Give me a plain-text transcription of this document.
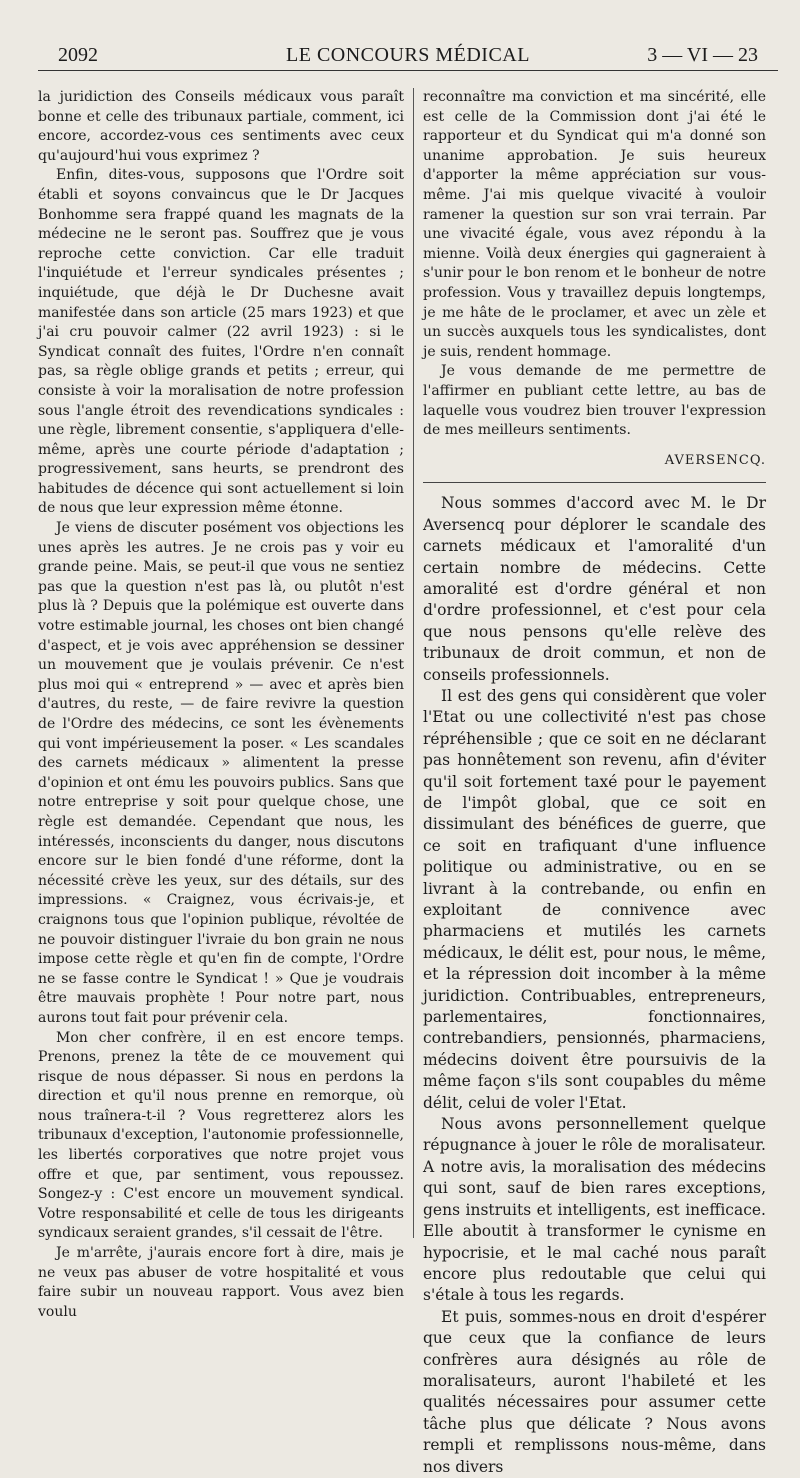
2092	LE CONCOURS MÉDICAL	3 — VI — 23

la juridiction des Conseils médicaux vous paraît bonne et celle des tribunaux partiale, comment, ici encore, accordez-vous ces sentiments avec ceux qu'aujourd'hui vous exprimez ?

Enfin, dites-vous, supposons que l'Ordre soit établi et soyons convaincus que le Dr Jacques Bonhomme sera frappé quand les magnats de la médecine ne le seront pas. Souffrez que je vous reproche cette conviction. Car elle traduit l'inquiétude et l'erreur syndicales présentes ; inquiétude, que déjà le Dr Duchesne avait manifestée dans son article (25 mars 1923) et que j'ai cru pouvoir calmer (22 avril 1923) : si le Syndicat connaît des fuites, l'Ordre n'en connaît pas, sa règle oblige grands et petits ; erreur, qui consiste à voir la moralisation de notre profession sous l'angle étroit des revendications syndicales : une règle, librement consentie, s'appliquera d'elle-même, après une courte période d'adaptation ; progressivement, sans heurts, se prendront des habitudes de décence qui sont actuellement si loin de nous que leur expression même étonne.

Je viens de discuter posément vos objections les unes après les autres. Je ne crois pas y voir eu grande peine. Mais, se peut-il que vous ne sentiez pas que la question n'est pas là, ou plutôt n'est plus là ? Depuis que la polémique est ouverte dans votre estimable journal, les choses ont bien changé d'aspect, et je vois avec appréhension se dessiner un mouvement que je voulais prévenir. Ce n'est plus moi qui « entreprend » — avec et après bien d'autres, du reste, — de faire revivre la question de l'Ordre des médecins, ce sont les évènements qui vont impérieusement la poser. « Les scandales des carnets médicaux » alimentent la presse d'opinion et ont ému les pouvoirs publics. Sans que notre entreprise y soit pour quelque chose, une règle est demandée. Cependant que nous, les intéressés, inconscients du danger, nous discutons encore sur le bien fondé d'une réforme, dont la nécessité crève les yeux, sur des détails, sur des impressions. « Craignez, vous écrivais-je, et craignons tous que l'opinion publique, révoltée de ne pouvoir distinguer l'ivraie du bon grain ne nous impose cette règle et qu'en fin de compte, l'Ordre ne se fasse contre le Syndicat ! » Que je voudrais être mauvais prophète ! Pour notre part, nous aurons tout fait pour prévenir cela.

Mon cher confrère, il en est encore temps. Prenons, prenez la tête de ce mouvement qui risque de nous dépasser. Si nous en perdons la direction et qu'il nous prenne en remorque, où nous traînera-t-il ? Vous regretterez alors les tribunaux d'exception, l'autonomie professionnelle, les libertés corporatives que notre projet vous offre et que, par sentiment, vous repoussez. Songez-y : C'est encore un mouvement syndical. Votre responsabilité et celle de tous les dirigeants syndicaux seraient grandes, s'il cessait de l'être.

Je m'arrête, j'aurais encore fort à dire, mais je ne veux pas abuser de votre hospitalité et vous faire subir un nouveau rapport. Vous avez bien voulu

reconnaître ma conviction et ma sincérité, elle est celle de la Commission dont j'ai été le rapporteur et du Syndicat qui m'a donné son unanime approbation. Je suis heureux d'apporter la même appréciation sur vous-même. J'ai mis quelque vivacité à vouloir ramener la question sur son vrai terrain. Par une vivacité égale, vous avez répondu à la mienne. Voilà deux énergies qui gagneraient à s'unir pour le bon renom et le bonheur de notre profession. Vous y travaillez depuis longtemps, je me hâte de le proclamer, et avec un zèle et un succès auxquels tous les syndicalistes, dont je suis, rendent hommage.

Je vous demande de me permettre de l'affirmer en publiant cette lettre, au bas de laquelle vous voudrez bien trouver l'expression de mes meilleurs sentiments.

AVERSENCQ.

Nous sommes d'accord avec M. le Dr Aversencq pour déplorer le scandale des carnets médicaux et l'amoralité d'un certain nombre de médecins. Cette amoralité est d'ordre général et non d'ordre professionnel, et c'est pour cela que nous pensons qu'elle relève des tribunaux de droit commun, et non de conseils professionnels.

Il est des gens qui considèrent que voler l'Etat ou une collectivité n'est pas chose répréhensible ; que ce soit en ne déclarant pas honnêtement son revenu, afin d'éviter qu'il soit fortement taxé pour le payement de l'impôt global, que ce soit en dissimulant des bénéfices de guerre, que ce soit en trafiquant d'une influence politique ou administrative, ou en se livrant à la contrebande, ou enfin en exploitant de connivence avec pharmaciens et mutilés les carnets médicaux, le délit est, pour nous, le même, et la répression doit incomber à la même juridiction. Contribuables, entrepreneurs, parlementaires, fonctionnaires, contrebandiers, pensionnés, pharmaciens, médecins doivent être poursuivis de la même façon s'ils sont coupables du même délit, celui de voler l'Etat.

Nous avons personnellement quelque répugnance à jouer le rôle de moralisateur. A notre avis, la moralisation des médecins qui sont, sauf de bien rares exceptions, gens instruits et intelligents, est inefficace. Elle aboutit à transformer le cynisme en hypocrisie, et le mal caché nous paraît encore plus redoutable que celui qui s'étale à tous les regards.

Et puis, sommes-nous en droit d'espérer que ceux que la confiance de leurs confrères aura désignés au rôle de moralisateurs, auront l'habileté et les qualités nécessaires pour assumer cette tâche plus que délicate ? Nous avons rempli et remplissons nous-même, dans nos divers
